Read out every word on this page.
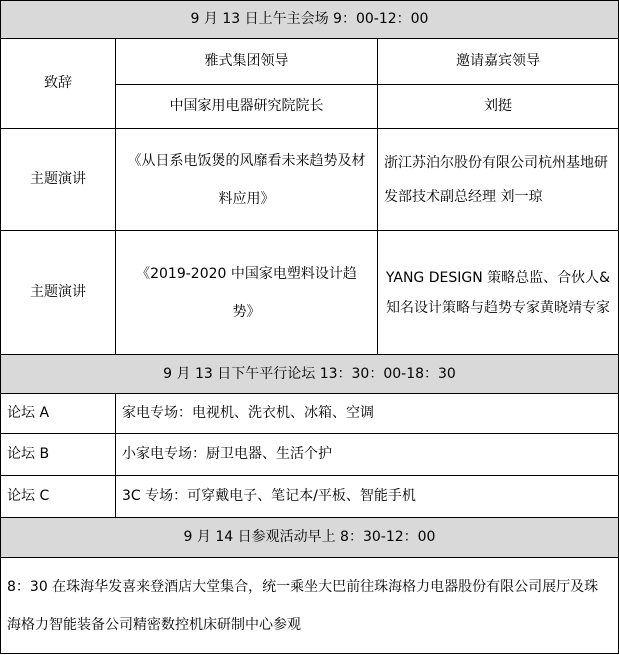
9 月 13 日上午主会场 9：00-12：00		
致辞	雅式集团领导	邀请嘉宾领导
	中国家用电器研究院院长	刘挺
主题演讲	《从日系电饭煲的风靡看未来趋势及材料应用》	浙江苏泊尔股份有限公司杭州基地研发部技术副总经理 刘一琼
主题演讲	《2019-2020 中国家电塑料设计趋势》	YANG DESIGN 策略总监、合伙人&知名设计策略与趋势专家黄晓靖专家
9 月 13 日下午平行论坛 13：30：00-18：30		
论坛 A	家电专场：电视机、洗衣机、冰箱、空调	
论坛 B	小家电专场：厨卫电器、生活个护	
论坛 C	3C 专场：可穿戴电子、笔记本/平板、智能手机	
9 月 14 日参观活动早上 8：30-12：00		
8：30 在珠海华发喜来登酒店大堂集合，统一乘坐大巴前往珠海格力电器股份有限公司展厅及珠海格力智能装备公司精密数控机床研制中心参观		
